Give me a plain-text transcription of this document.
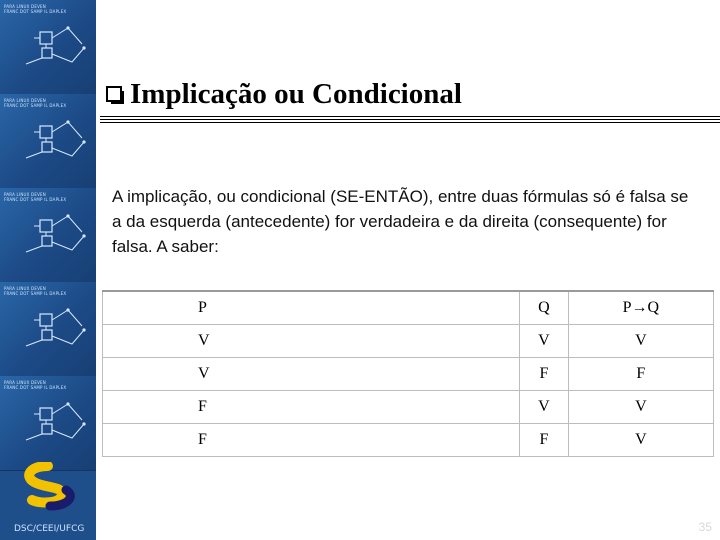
PARA LINUX DEVEN
FRANC DOT SAMP IL DAPLEX
PARA LINUX DEVEN
FRANC DOT SAMP IL DAPLEX
PARA LINUX DEVEN
FRANC DOT SAMP IL DAPLEX
PARA LINUX DEVEN
FRANC DOT SAMP IL DAPLEX
PARA LINUX DEVEN
FRANC DOT SAMP IL DAPLEX
DSC/CEEI/UFCG
Implicação ou Condicional
A implicação, ou condicional (SE-ENTÃO), entre duas fórmulas só é falsa se a da esquerda (antecedente) for verdadeira e da direita (consequente) for falsa. A saber:
P	Q	P→Q
V	V	V
V	F	F
F	V	V
F	F	V
35
